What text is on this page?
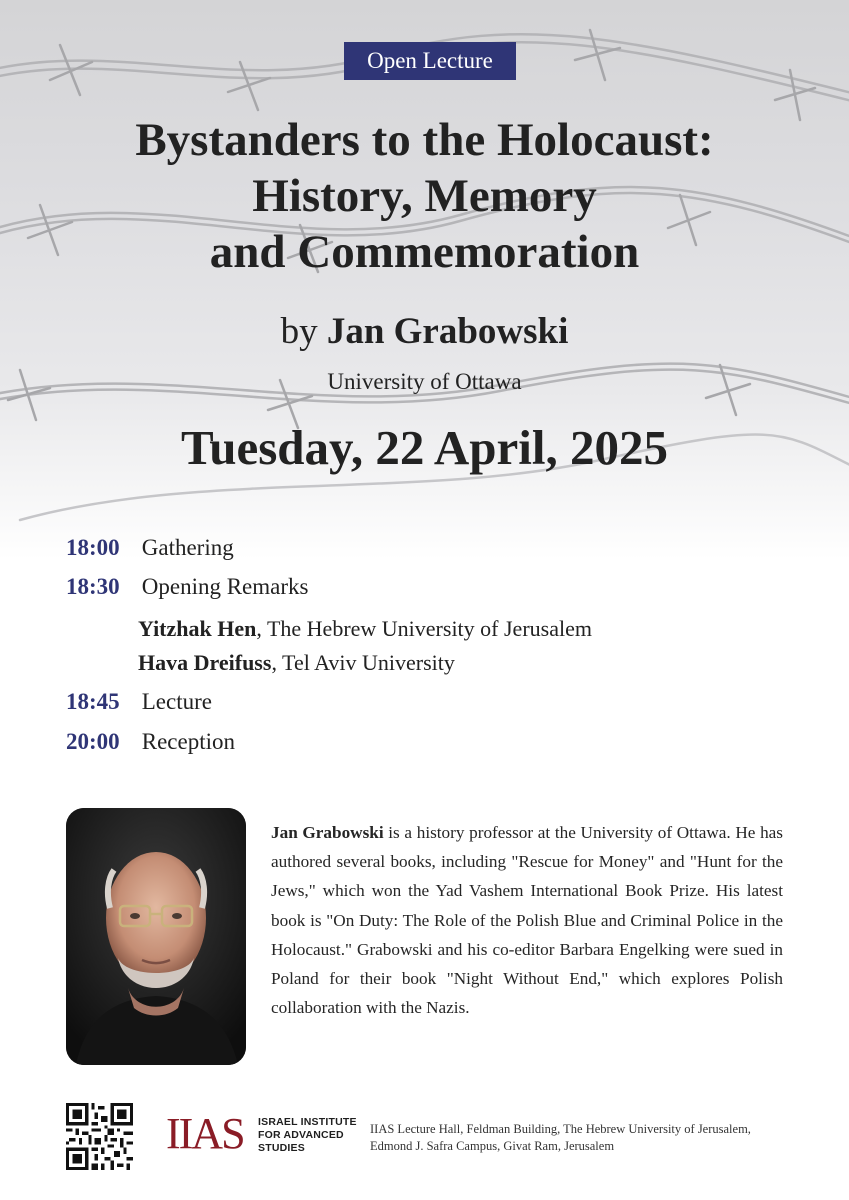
Open Lecture
Bystanders to the Holocaust:
History, Memory
and Commemoration
by Jan Grabowski
University of Ottawa
Tuesday, 22 April, 2025
18:00 Gathering
18:30 Opening Remarks
Yitzhak Hen, The Hebrew University of Jerusalem
Hava Dreifuss, Tel Aviv University
18:45 Lecture
20:00 Reception

Jan Grabowski is a history professor at the University of Ottawa. He has authored several books, including "Rescue for Money" and "Hunt for the Jews," which won the Yad Vashem International Book Prize. His latest book is "On Duty: The Role of the Polish Blue and Criminal Police in the Holocaust." Grabowski and his co-editor Barbara Engelking were sued in Poland for their book "Night Without End," which explores Polish collaboration with the Nazis.

IIAS ISRAEL INSTITUTE
FOR ADVANCED
STUDIES
IIAS Lecture Hall, Feldman Building, The Hebrew University of Jerusalem,
Edmond J. Safra Campus, Givat Ram, Jerusalem
